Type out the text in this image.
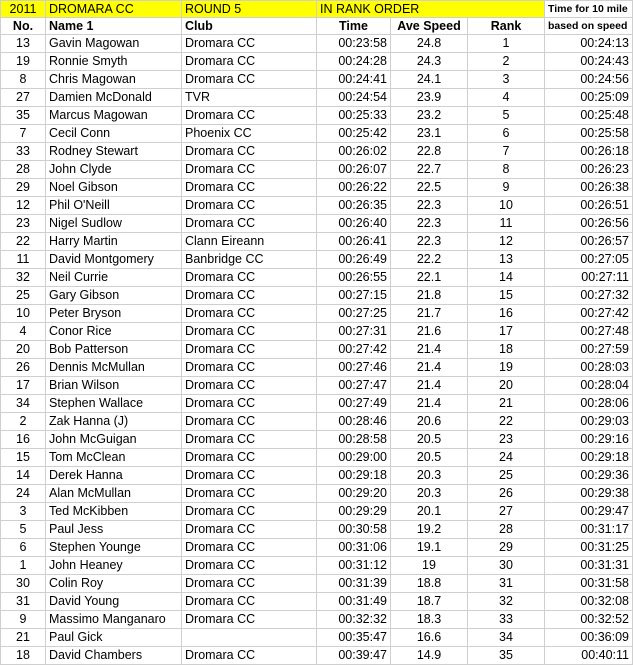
2011	DROMARA CC	ROUND 5	IN RANK ORDER			Time for 10 mile
No.	Name 1	Club	Time	Ave Speed	Rank	based on speed
13	Gavin Magowan	Dromara CC	00:23:58	24.8	1	00:24:13
19	Ronnie Smyth	Dromara CC	00:24:28	24.3	2	00:24:43
8	Chris Magowan	Dromara CC	00:24:41	24.1	3	00:24:56
27	Damien McDonald	TVR	00:24:54	23.9	4	00:25:09
35	Marcus Magowan	Dromara CC	00:25:33	23.2	5	00:25:48
7	Cecil Conn	Phoenix CC	00:25:42	23.1	6	00:25:58
33	Rodney Stewart	Dromara CC	00:26:02	22.8	7	00:26:18
28	John Clyde	Dromara CC	00:26:07	22.7	8	00:26:23
29	Noel Gibson	Dromara CC	00:26:22	22.5	9	00:26:38
12	Phil O'Neill	Dromara CC	00:26:35	22.3	10	00:26:51
23	Nigel Sudlow	Dromara CC	00:26:40	22.3	11	00:26:56
22	Harry Martin	Clann Eireann	00:26:41	22.3	12	00:26:57
11	David Montgomery	Banbridge CC	00:26:49	22.2	13	00:27:05
32	Neil Currie	Dromara CC	00:26:55	22.1	14	00:27:11
25	Gary Gibson	Dromara CC	00:27:15	21.8	15	00:27:32
10	Peter Bryson	Dromara CC	00:27:25	21.7	16	00:27:42
4	Conor Rice	Dromara CC	00:27:31	21.6	17	00:27:48
20	Bob Patterson	Dromara CC	00:27:42	21.4	18	00:27:59
26	Dennis McMullan	Dromara CC	00:27:46	21.4	19	00:28:03
17	Brian Wilson	Dromara CC	00:27:47	21.4	20	00:28:04
34	Stephen Wallace	Dromara CC	00:27:49	21.4	21	00:28:06
2	Zak Hanna (J)	Dromara CC	00:28:46	20.6	22	00:29:03
16	John McGuigan	Dromara CC	00:28:58	20.5	23	00:29:16
15	Tom McClean	Dromara CC	00:29:00	20.5	24	00:29:18
14	Derek Hanna	Dromara CC	00:29:18	20.3	25	00:29:36
24	Alan McMullan	Dromara CC	00:29:20	20.3	26	00:29:38
3	Ted McKibben	Dromara CC	00:29:29	20.1	27	00:29:47
5	Paul Jess	Dromara CC	00:30:58	19.2	28	00:31:17
6	Stephen Younge	Dromara CC	00:31:06	19.1	29	00:31:25
1	John Heaney	Dromara CC	00:31:12	19	30	00:31:31
30	Colin Roy	Dromara CC	00:31:39	18.8	31	00:31:58
31	David Young	Dromara CC	00:31:49	18.7	32	00:32:08
9	Massimo Manganaro	Dromara CC	00:32:32	18.3	33	00:32:52
21	Paul Gick		00:35:47	16.6	34	00:36:09
18	David Chambers	Dromara CC	00:39:47	14.9	35	00:40:11
